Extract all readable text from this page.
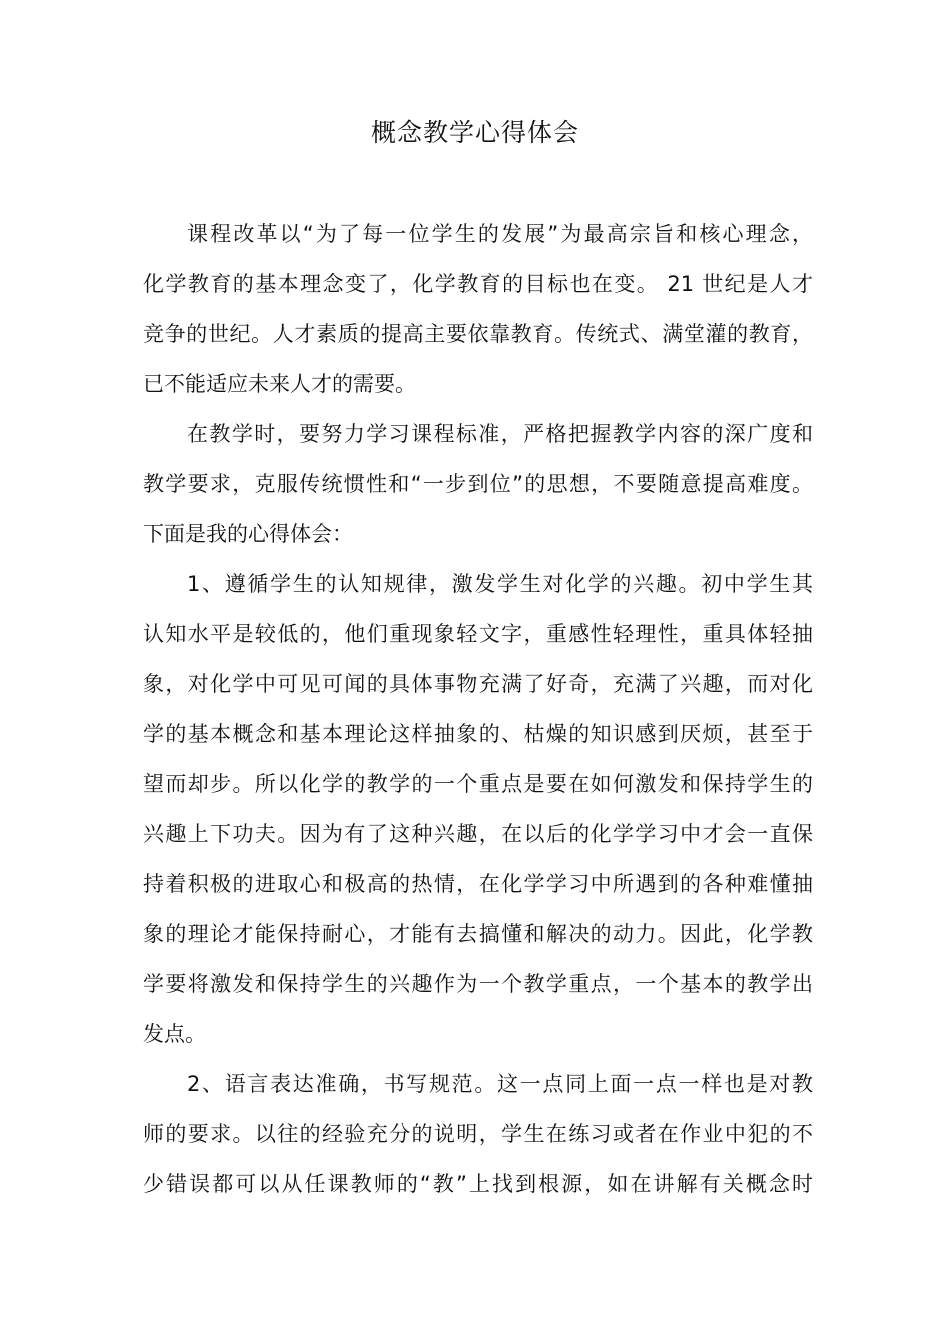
概念教学心得体会
课程改革以“为了每一位学生的发展”为最高宗旨和核心理念，
化学教育的基本理念变了，化学教育的目标也在变。 21 世纪是人才
竞争的世纪。人才素质的提高主要依靠教育。传统式、满堂灌的教育，
已不能适应未来人才的需要。
在教学时，要努力学习课程标准，严格把握教学内容的深广度和
教学要求，克服传统惯性和“一步到位”的思想，不要随意提高难度。
下面是我的心得体会：
1、遵循学生的认知规律，激发学生对化学的兴趣。初中学生其
认知水平是较低的，他们重现象轻文字，重感性轻理性，重具体轻抽
象，对化学中可见可闻的具体事物充满了好奇，充满了兴趣，而对化
学的基本概念和基本理论这样抽象的、枯燥的知识感到厌烦，甚至于
望而却步。所以化学的教学的一个重点是要在如何激发和保持学生的
兴趣上下功夫。因为有了这种兴趣，在以后的化学学习中才会一直保
持着积极的进取心和极高的热情，在化学学习中所遇到的各种难懂抽
象的理论才能保持耐心，才能有去搞懂和解决的动力。因此，化学教
学要将激发和保持学生的兴趣作为一个教学重点，一个基本的教学出
发点。
2、语言表达准确，书写规范。这一点同上面一点一样也是对教
师的要求。以往的经验充分的说明，学生在练习或者在作业中犯的不
少错误都可以从任课教师的“教”上找到根源，如在讲解有关概念时
